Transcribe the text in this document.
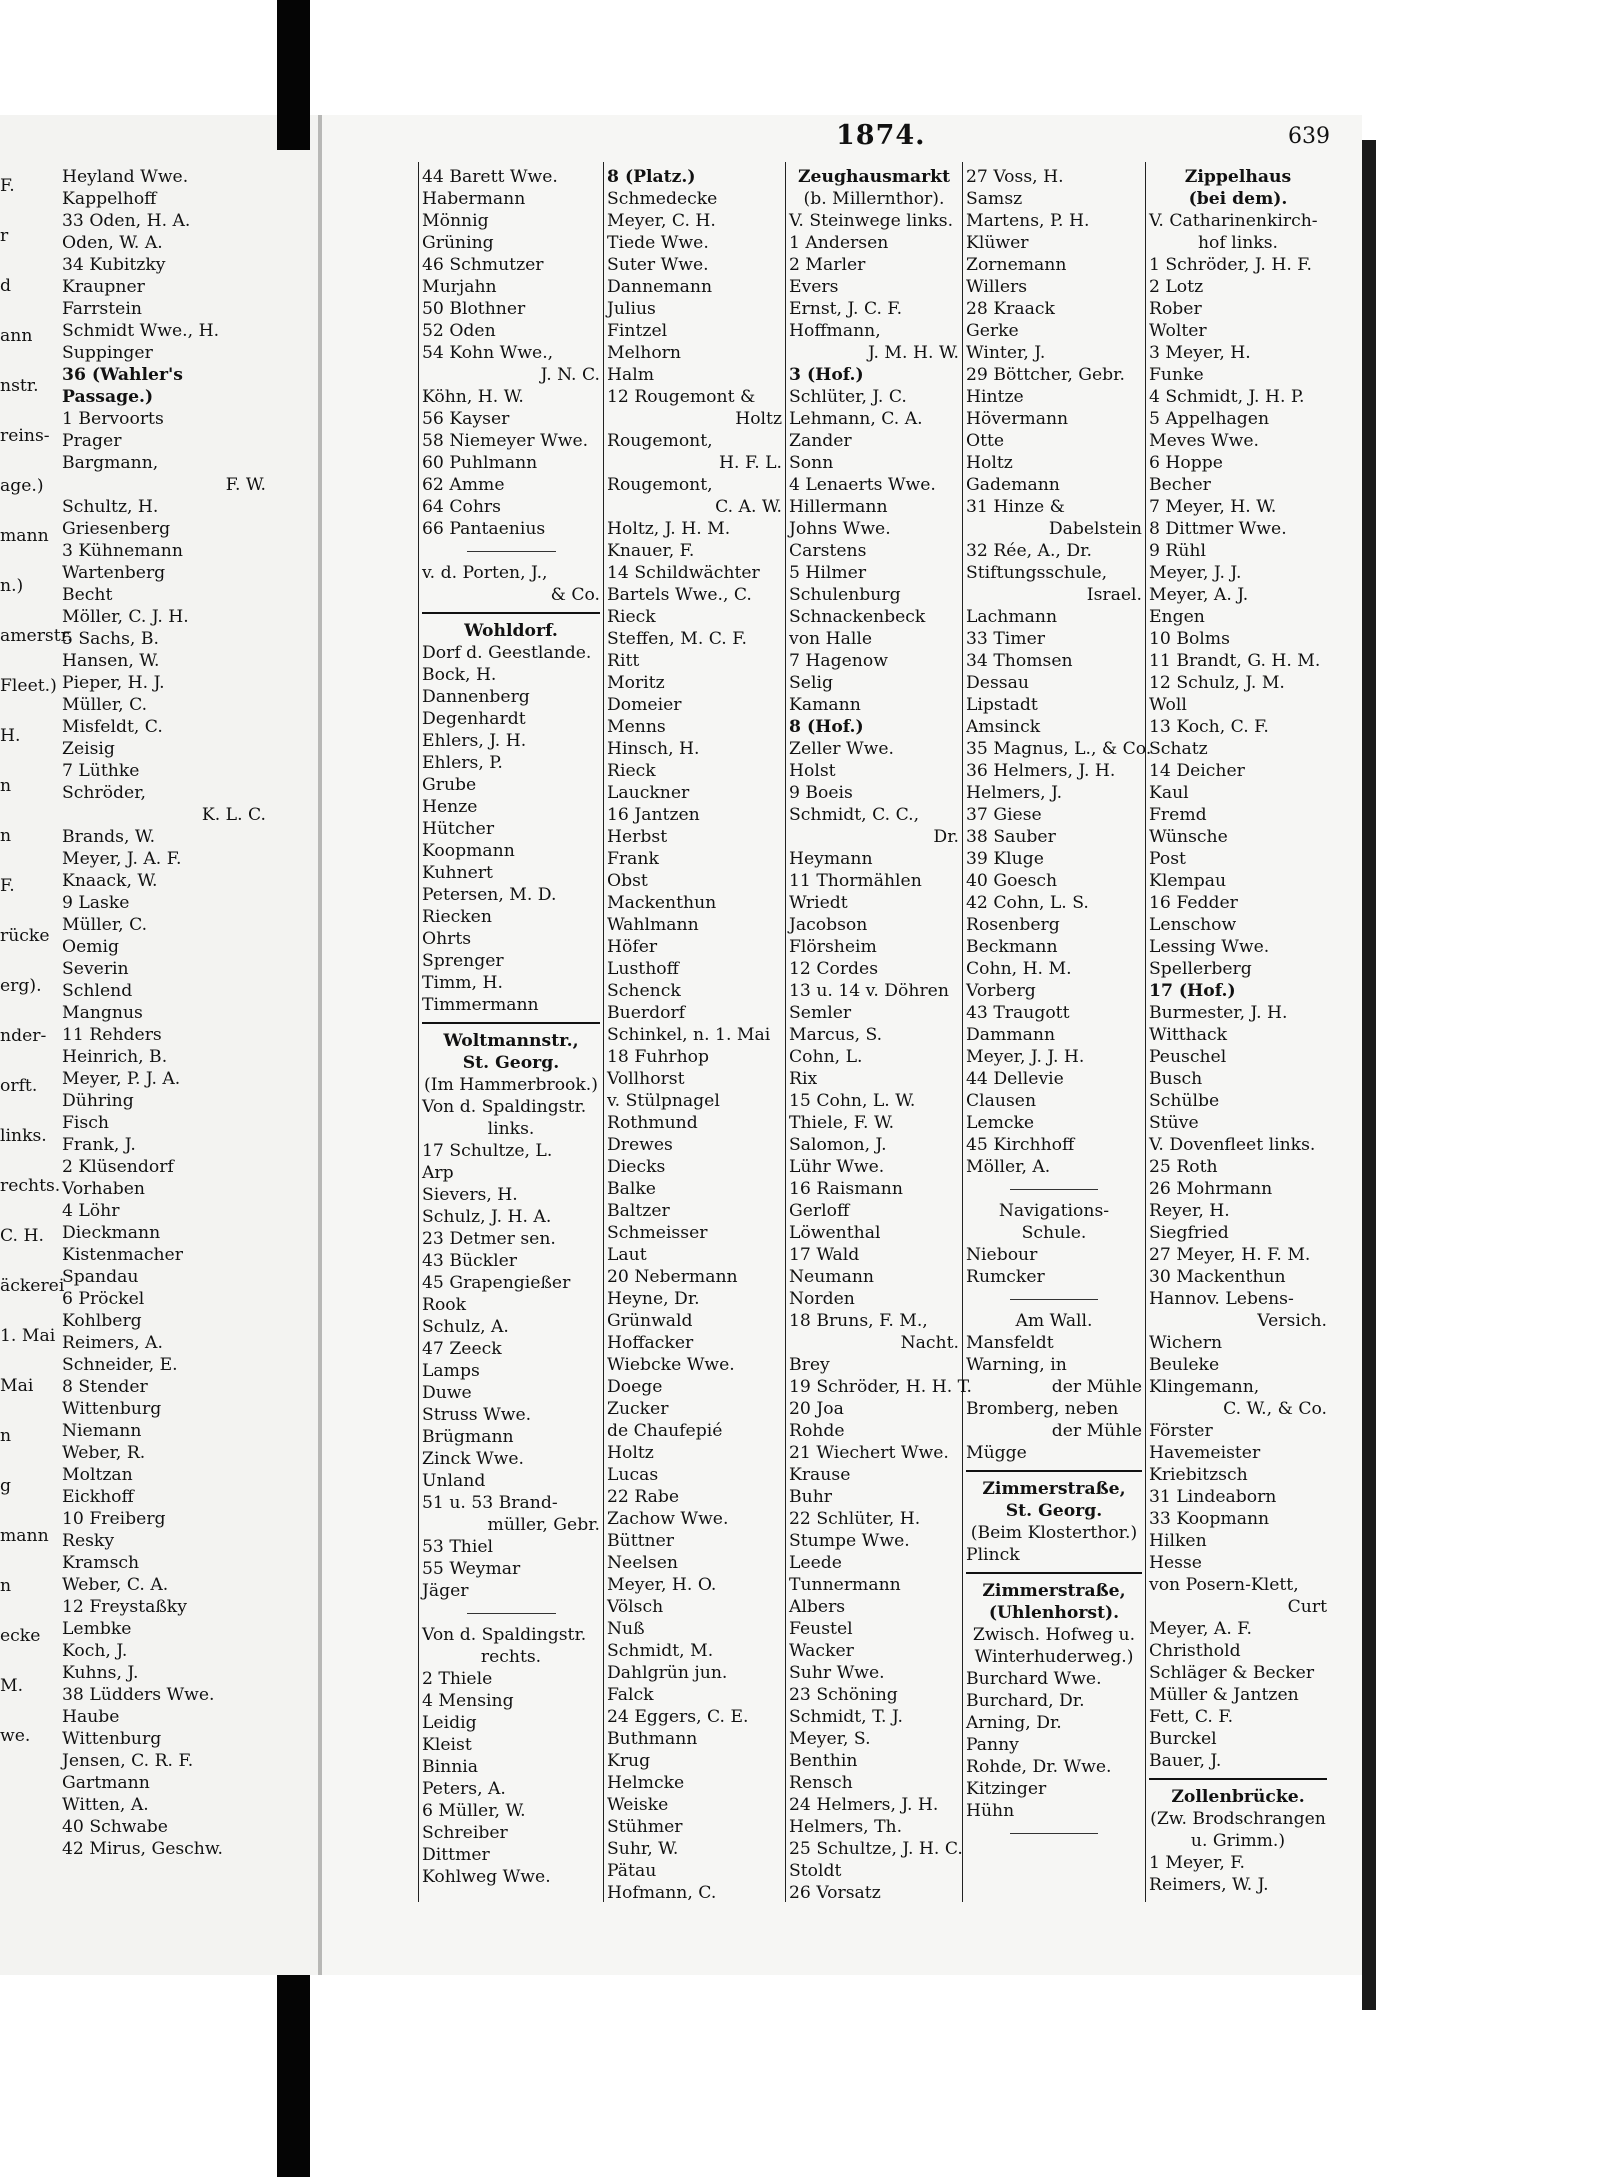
F.
r
d
ann
nstr.
reins-
age.)
mann
n.)
amerstr.
Fleet.)
H.
n
n
F.
rücke
erg).
nder-
orft.
links.
rechts.
C. H.
äckerei
1. Mai
Mai
n
g
mann
n
ecke
M.
we.
1874.	639
Heyland Wwe.
Kappelhoff
33 Oden, H. A.
Oden, W. A.
34 Kubitzky
Kraupner
Farrstein
Schmidt Wwe., H.
Suppinger
36 (Wahler's
Passage.)
1 Bervoorts
Prager
Bargmann,
F. W.
Schultz, H.
Griesenberg
3 Kühnemann
Wartenberg
Becht
Möller, C. J. H.
5 Sachs, B.
Hansen, W.
Pieper, H. J.
Müller, C.
Misfeldt, C.
Zeisig
7 Lüthke
Schröder,
K. L. C.
Brands, W.
Meyer, J. A. F.
Knaack, W.
9 Laske
Müller, C.
Oemig
Severin
Schlend
Mangnus
11 Rehders
Heinrich, B.
Meyer, P. J. A.
Dühring
Fisch
Frank, J.
2 Klüsendorf
Vorhaben
4 Löhr
Dieckmann
Kistenmacher
Spandau
6 Pröckel
Kohlberg
Reimers, A.
Schneider, E.
8 Stender
Wittenburg
Niemann
Weber, R.
Moltzan
Eickhoff
10 Freiberg
Resky
Kramsch
Weber, C. A.
12 Freystaßky
Lembke
Koch, J.
Kuhns, J.
38 Lüdders Wwe.
Haube
Wittenburg
Jensen, C. R. F.
Gartmann
Witten, A.
40 Schwabe
42 Mirus, Geschw.
44 Barett Wwe.
Habermann
Mönnig
Grüning
46 Schmutzer
Murjahn
50 Blothner
52 Oden
54 Kohn Wwe.,
J. N. C.
Köhn, H. W.
56 Kayser
58 Niemeyer Wwe.
60 Puhlmann
62 Amme
64 Cohrs
66 Pantaenius
v. d. Porten, J.,
& Co.
Wohldorf.
Dorf d. Geestlande.
Bock, H.
Dannenberg
Degenhardt
Ehlers, J. H.
Ehlers, P.
Grube
Henze
Hütcher
Koopmann
Kuhnert
Petersen, M. D.
Riecken
Ohrts
Sprenger
Timm, H.
Timmermann
Woltmannstr.,
St. Georg.
(Im Hammerbrook.)
Von d. Spaldingstr.
links.
17 Schultze, L.
Arp
Sievers, H.
Schulz, J. H. A.
23 Detmer sen.
43 Bückler
45 Grapengießer
Rook
Schulz, A.
47 Zeeck
Lamps
Duwe
Struss Wwe.
Brügmann
Zinck Wwe.
Unland
51 u. 53 Brand-
müller, Gebr.
53 Thiel
55 Weymar
Jäger
Von d. Spaldingstr.
rechts.
2 Thiele
4 Mensing
Leidig
Kleist
Binnia
Peters, A.
6 Müller, W.
Schreiber
Dittmer
Kohlweg Wwe.
8 (Platz.)
Schmedecke
Meyer, C. H.
Tiede Wwe.
Suter Wwe.
Dannemann
Julius
Fintzel
Melhorn
Halm
12 Rougemont &
Holtz
Rougemont,
H. F. L.
Rougemont,
C. A. W.
Holtz, J. H. M.
Knauer, F.
14 Schildwächter
Bartels Wwe., C.
Rieck
Steffen, M. C. F.
Ritt
Moritz
Domeier
Menns
Hinsch, H.
Rieck
Lauckner
16 Jantzen
Herbst
Frank
Obst
Mackenthun
Wahlmann
Höfer
Lusthoff
Schenck
Buerdorf
Schinkel, n. 1. Mai
18 Fuhrhop
Vollhorst
v. Stülpnagel
Rothmund
Drewes
Diecks
Balke
Baltzer
Schmeisser
Laut
20 Nebermann
Heyne, Dr.
Grünwald
Hoffacker
Wiebcke Wwe.
Doege
Zucker
de Chaufepié
Holtz
Lucas
22 Rabe
Zachow Wwe.
Büttner
Neelsen
Meyer, H. O.
Völsch
Nuß
Schmidt, M.
Dahlgrün jun.
Falck
24 Eggers, C. E.
Buthmann
Krug
Helmcke
Weiske
Stühmer
Suhr, W.
Pätau
Hofmann, C.
Zeughausmarkt
(b. Millernthor).
V. Steinwege links.
1 Andersen
2 Marler
Evers
Ernst, J. C. F.
Hoffmann,
J. M. H. W.
3 (Hof.)
Schlüter, J. C.
Lehmann, C. A.
Zander
Sonn
4 Lenaerts Wwe.
Hillermann
Johns Wwe.
Carstens
5 Hilmer
Schulenburg
Schnackenbeck
von Halle
7 Hagenow
Selig
Kamann
8 (Hof.)
Zeller Wwe.
Holst
9 Boeis
Schmidt, C. C.,
Dr.
Heymann
11 Thormählen
Wriedt
Jacobson
Flörsheim
12 Cordes
13 u. 14 v. Döhren
Semler
Marcus, S.
Cohn, L.
Rix
15 Cohn, L. W.
Thiele, F. W.
Salomon, J.
Lühr Wwe.
16 Raismann
Gerloff
Löwenthal
17 Wald
Neumann
Norden
18 Bruns, F. M.,
Nacht.
Brey
19 Schröder, H. H. T.
20 Joa
Rohde
21 Wiechert Wwe.
Krause
Buhr
22 Schlüter, H.
Stumpe Wwe.
Leede
Tunnermann
Albers
Feustel
Wacker
Suhr Wwe.
23 Schöning
Schmidt, T. J.
Meyer, S.
Benthin
Rensch
24 Helmers, J. H.
Helmers, Th.
25 Schultze, J. H. C.
Stoldt
26 Vorsatz
27 Voss, H.
Samsz
Martens, P. H.
Klüwer
Zornemann
Willers
28 Kraack
Gerke
Winter, J.
29 Böttcher, Gebr.
Hintze
Hövermann
Otte
Holtz
Gademann
31 Hinze &
Dabelstein
32 Rée, A., Dr.
Stiftungsschule,
Israel.
Lachmann
33 Timer
34 Thomsen
Dessau
Lipstadt
Amsinck
35 Magnus, L., & Co.
36 Helmers, J. H.
Helmers, J.
37 Giese
38 Sauber
39 Kluge
40 Goesch
42 Cohn, L. S.
Rosenberg
Beckmann
Cohn, H. M.
Vorberg
43 Traugott
Dammann
Meyer, J. J. H.
44 Dellevie
Clausen
Lemcke
45 Kirchhoff
Möller, A.
Navigations-
Schule.
Niebour
Rumcker
Am Wall.
Mansfeldt
Warning, in
der Mühle
Bromberg, neben
der Mühle
Mügge
Zimmerstraße,
St. Georg.
(Beim Klosterthor.)
Plinck
Zimmerstraße,
(Uhlenhorst).
Zwisch. Hofweg u.
Winterhuderweg.)
Burchard Wwe.
Burchard, Dr.
Arning, Dr.
Panny
Rohde, Dr. Wwe.
Kitzinger
Hühn
Zippelhaus
(bei dem).
V. Catharinenkirch-
hof links.
1 Schröder, J. H. F.
2 Lotz
Rober
Wolter
3 Meyer, H.
Funke
4 Schmidt, J. H. P.
5 Appelhagen
Meves Wwe.
6 Hoppe
Becher
7 Meyer, H. W.
8 Dittmer Wwe.
9 Rühl
Meyer, J. J.
Meyer, A. J.
Engen
10 Bolms
11 Brandt, G. H. M.
12 Schulz, J. M.
Woll
13 Koch, C. F.
Schatz
14 Deicher
Kaul
Fremd
Wünsche
Post
Klempau
16 Fedder
Lenschow
Lessing Wwe.
Spellerberg
17 (Hof.)
Burmester, J. H.
Witthack
Peuschel
Busch
Schülbe
Stüve
V. Dovenfleet links.
25 Roth
26 Mohrmann
Reyer, H.
Siegfried
27 Meyer, H. F. M.
30 Mackenthun
Hannov. Lebens-
Versich.
Wichern
Beuleke
Klingemann,
C. W., & Co.
Förster
Havemeister
Kriebitzsch
31 Lindeaborn
33 Koopmann
Hilken
Hesse
von Posern-Klett,
Curt
Meyer, A. F.
Christhold
Schläger & Becker
Müller & Jantzen
Fett, C. F.
Burckel
Bauer, J.
Zollenbrücke.
(Zw. Brodschrangen
u. Grimm.)
1 Meyer, F.
Reimers, W. J.
